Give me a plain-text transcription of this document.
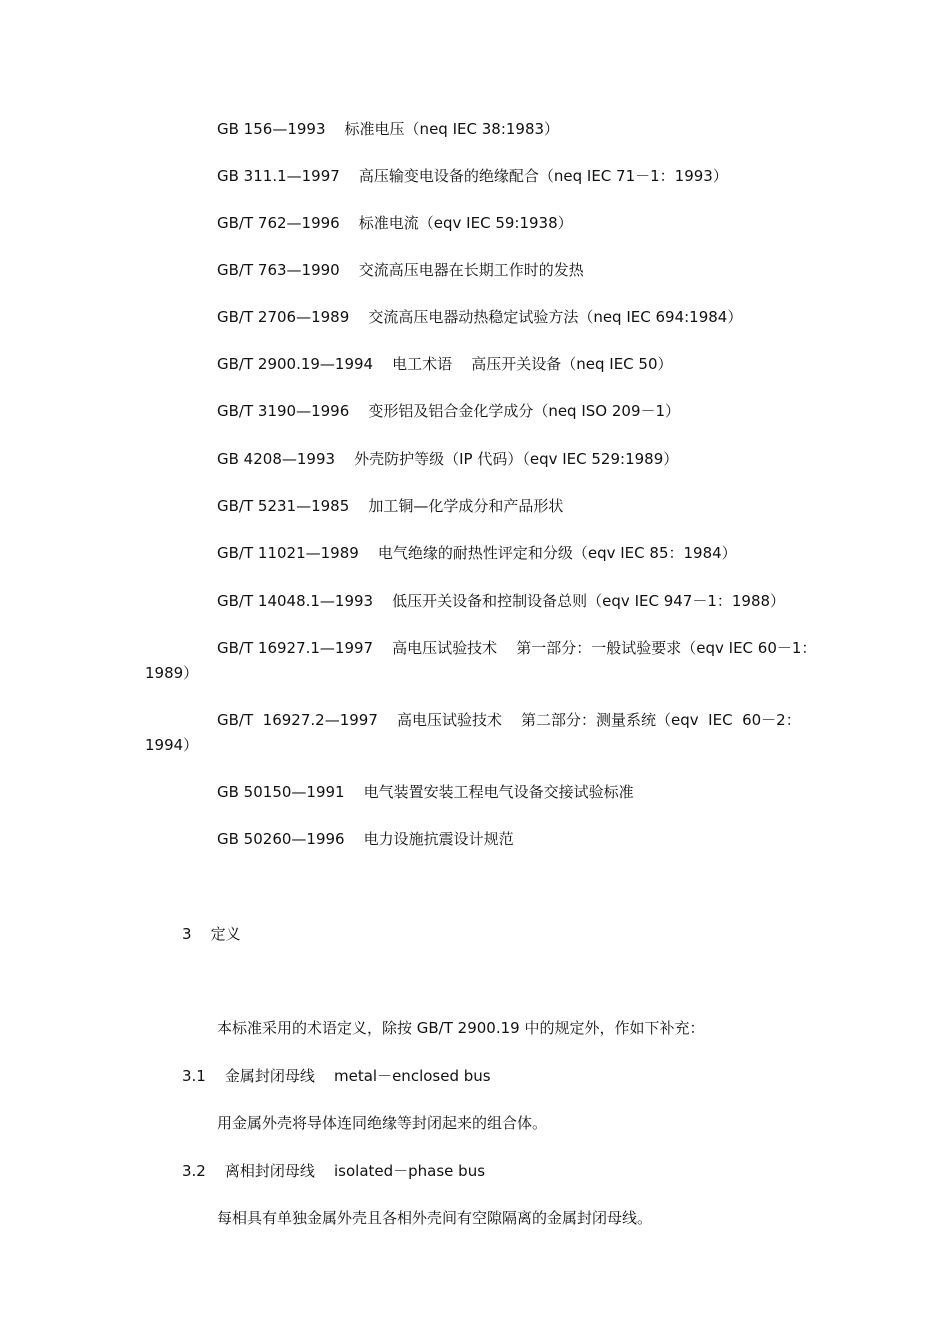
GB 156—1993    标准电压（neq IEC 38:1983）
GB 311.1—1997    高压输变电设备的绝缘配合（neq IEC 71－1：1993）
GB/T 762—1996    标准电流（eqv IEC 59:1938）
GB/T 763—1990    交流高压电器在长期工作时的发热
GB/T 2706—1989    交流高压电器动热稳定试验方法（neq IEC 694:1984）
GB/T 2900.19—1994    电工术语    高压开关设备（neq IEC 50）
GB/T 3190—1996    变形铝及铝合金化学成分（neq ISO 209－1）
GB 4208—1993    外壳防护等级（IP 代码）（eqv IEC 529:1989）
GB/T 5231—1985    加工铜—化学成分和产品形状
GB/T 11021—1989    电气绝缘的耐热性评定和分级（eqv IEC 85：1984）
GB/T 14048.1—1993    低压开关设备和控制设备总则（eqv IEC 947－1：1988）
GB/T 16927.1—1997    高电压试验技术    第一部分：一般试验要求（eqv IEC 60－1：
1989）
GB/T  16927.2—1997    高电压试验技术    第二部分：测量系统（eqv  IEC  60－2：
1994）
GB 50150—1991    电气装置安装工程电气设备交接试验标准
GB 50260—1996    电力设施抗震设计规范
3    定义
本标准采用的术语定义，除按 GB/T 2900.19 中的规定外，作如下补充：
3.1    金属封闭母线    metal－enclosed bus
用金属外壳将导体连同绝缘等封闭起来的组合体。
3.2    离相封闭母线    isolated－phase bus
每相具有单独金属外壳且各相外壳间有空隙隔离的金属封闭母线。
